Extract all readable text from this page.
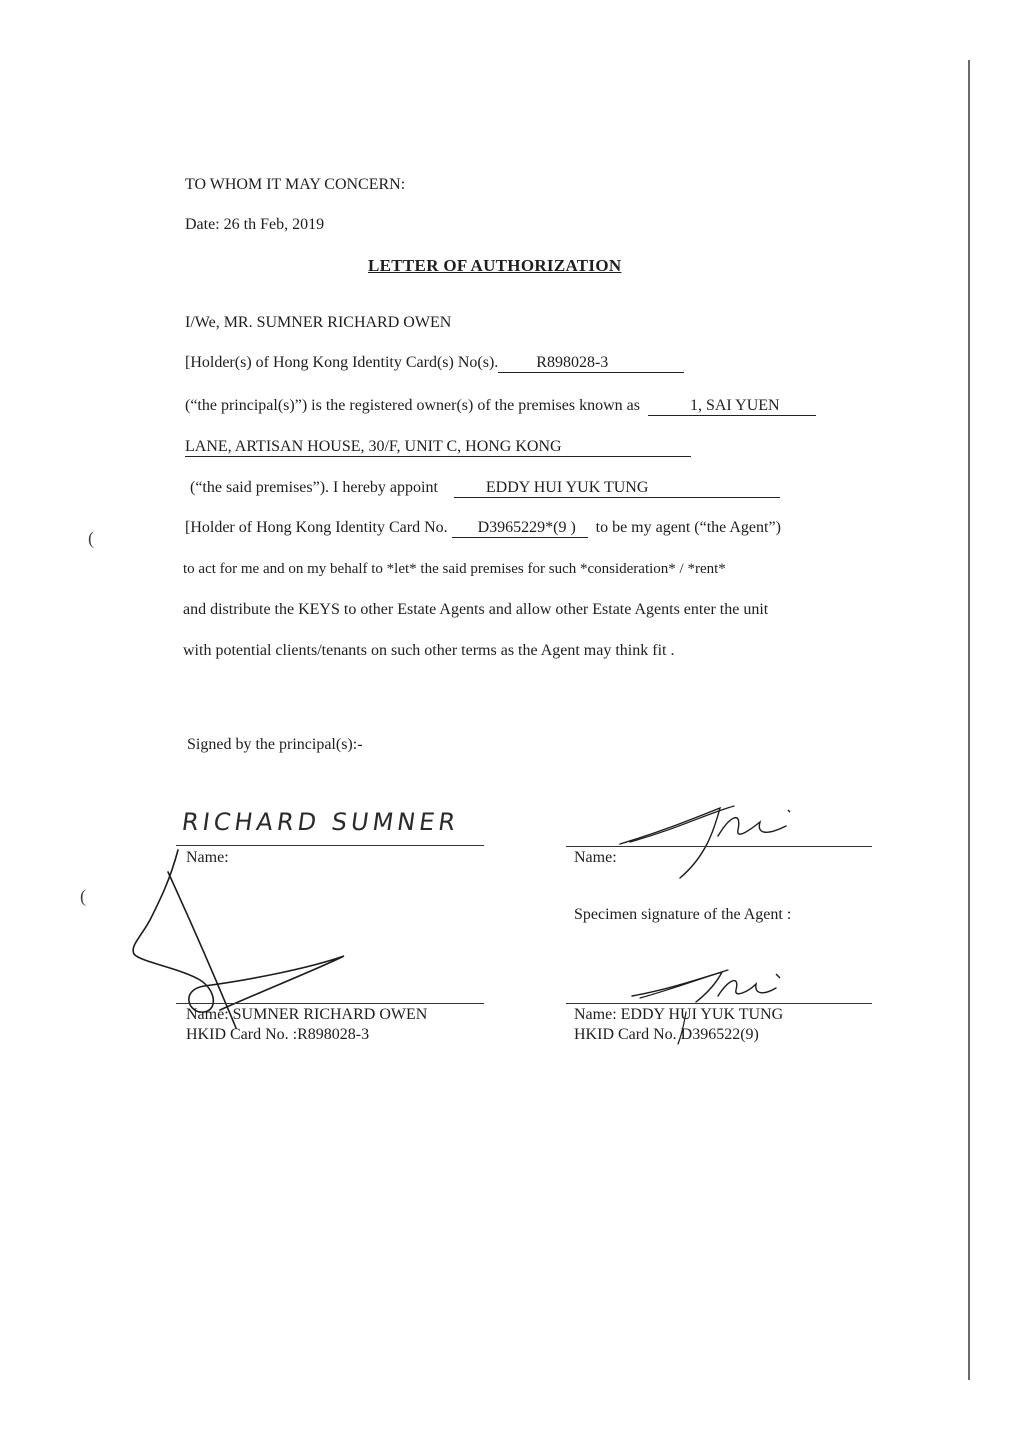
(
(
TO WHOM IT MAY CONCERN:
Date: 26 th Feb, 2019
LETTER OF AUTHORIZATION
I/We, MR. SUMNER RICHARD OWEN
[Holder(s) of Hong Kong Identity Card(s) No(s). R898028-3
(“the principal(s)”) is the registered owner(s) of the premises known as	1, SAI YUEN
LANE, ARTISAN HOUSE, 30/F, UNIT C, HONG KONG
(“the said premises”). I hereby appoint	EDDY HUI YUK TUNG
[Holder of Hong Kong Identity Card No. D3965229*(9 ) to be my agent (“the Agent”)
to act for me and on my behalf to *let* the said premises for such *consideration* / *rent*
and distribute the KEYS to other Estate Agents and allow other Estate Agents enter the unit
with potential clients/tenants on such other terms as the Agent may think fit .
Signed by the principal(s):-
RICHARD SUMNER
Name:
Name: SUMNER RICHARD OWEN
HKID Card No. :R898028-3
Name:
Specimen signature of the Agent :
Name: EDDY HUI YUK TUNG
HKID Card No. D396522(9)
